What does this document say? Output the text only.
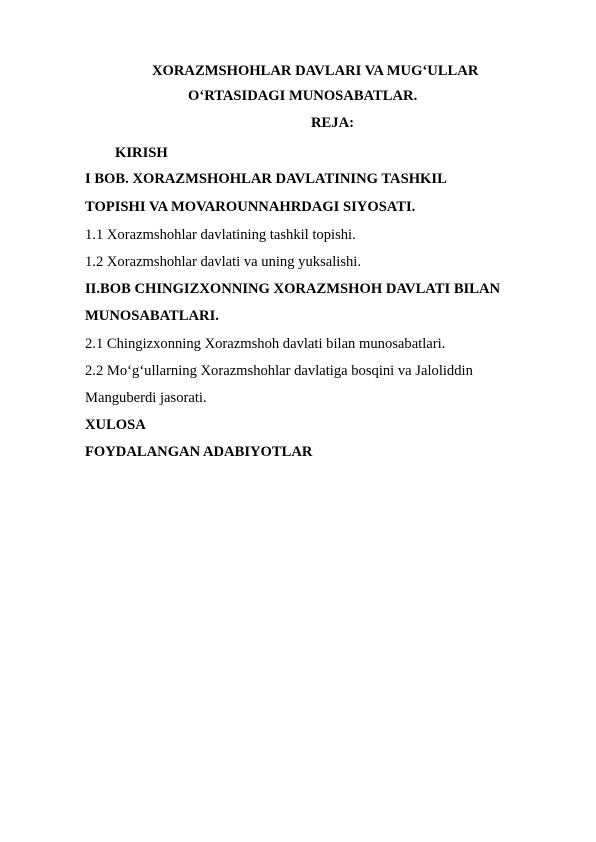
XORAZMSHOHLAR DAVLARI VA MUG‘ULLAR
O‘RTASIDAGI MUNOSABATLAR.
REJA:
KIRISH
I BOB. XORAZMSHOHLAR DAVLATINING TASHKIL
TOPISHI VA MOVAROUNNAHRDAGI SIYOSATI.
1.1 Xorazmshohlar davlatining tashkil topishi.
1.2 Xorazmshohlar davlati va uning yuksalishi.
II.BOB CHINGIZXONNING XORAZMSHOH DAVLATI BILAN
MUNOSABATLARI.
2.1 Chingizxonning Xorazmshoh davlati bilan munosabatlari.
2.2 Mo‘g‘ullarning Xorazmshohlar davlatiga bosqini va Jaloliddin
Manguberdi jasorati.
XULOSA
FOYDALANGAN ADABIYOTLAR
